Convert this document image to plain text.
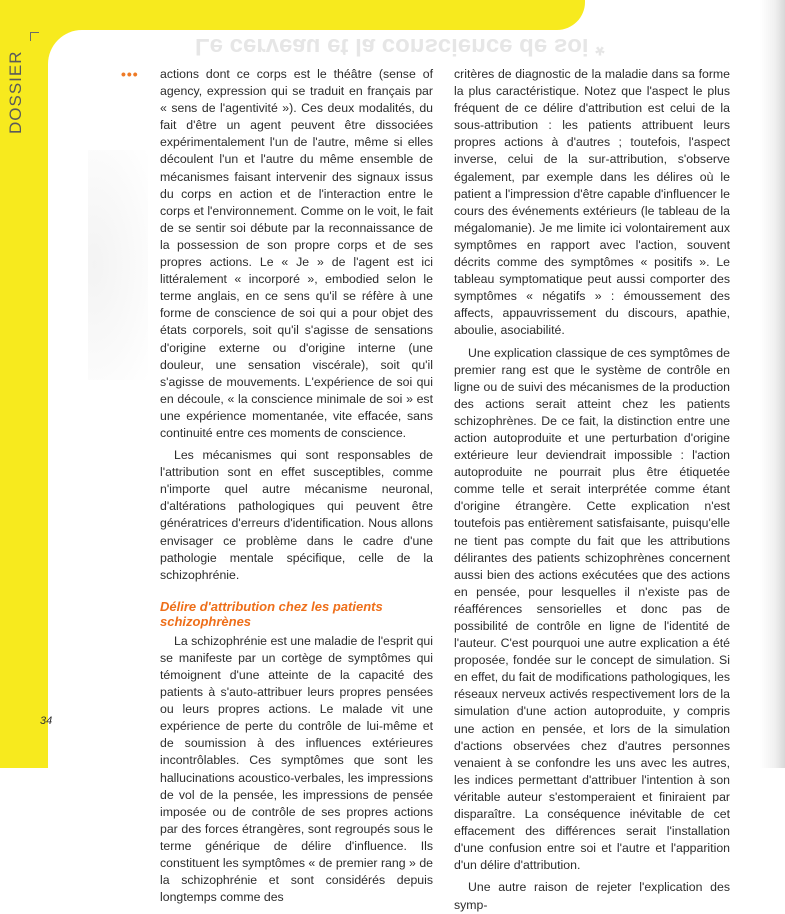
Le cerveau et la conscience de soi *
DOSSIER	••• actions dont ce corps est le théâtre (sense of agency, expression qui se traduit en français par « sens de l'agentivité »). Ces deux modalités, du fait d'être un agent peuvent être dissociées expérimentalement l'un de l'autre, même si elles découlent l'un et l'autre du même ensemble de mécanismes faisant intervenir des signaux issus du corps en action et de l'interaction entre le corps et l'environnement. Comme on le voit, le fait de se sentir soi débute par la reconnaissance de la possession de son propre corps et de ses propres actions. Le « Je » de l'agent est ici littéralement « incorporé », embodied selon le terme anglais, en ce sens qu'il se réfère à une forme de conscience de soi qui a pour objet des états corporels, soit qu'il s'agisse de sensations d'origine externe ou d'origine interne (une douleur, une sensation viscérale), soit qu'il s'agisse de mouvements. L'expérience de soi qui en découle, « la conscience minimale de soi » est une expérience momentanée, vite effacée, sans continuité entre ces moments de conscience.

Les mécanismes qui sont responsables de l'attribution sont en effet susceptibles, comme n'importe quel autre mécanisme neuronal, d'altérations pathologiques qui peuvent être génératrices d'erreurs d'identification. Nous allons envisager ce problème dans le cadre d'une pathologie mentale spécifique, celle de la schizophrénie.

Délire d'attribution chez les patients
schizophrènes

La schizophrénie est une maladie de l'esprit qui se manifeste par un cortège de symptômes qui témoignent d'une atteinte de la capacité des patients à s'auto-attribuer leurs propres pensées ou leurs propres actions. Le malade vit une expérience de perte du contrôle de lui-même et de soumission à des influences extérieures incontrôlables. Ces symptômes que sont les hallucinations acoustico-verbales, les impressions de vol de la pensée, les impressions de pensée imposée ou de contrôle de ses propres actions par des forces étrangères, sont regroupés sous le terme générique de délire d'influence. Ils constituent les symptômes « de premier rang » de la schizophrénie et sont considérés depuis longtemps comme des

critères de diagnostic de la maladie dans sa forme la plus caractéristique. Notez que l'aspect le plus fréquent de ce délire d'attribution est celui de la sous-attribution : les patients attribuent leurs propres actions à d'autres ; toutefois, l'aspect inverse, celui de la sur-attribution, s'observe également, par exemple dans les délires où le patient a l'impression d'être capable d'influencer le cours des événements extérieurs (le tableau de la mégalomanie). Je me limite ici volontairement aux symptômes en rapport avec l'action, souvent décrits comme des symptômes « positifs ». Le tableau symptomatique peut aussi comporter des symptômes « négatifs » : émoussement des affects, appauvrissement du discours, apathie, aboulie, asociabilité.

Une explication classique de ces symptômes de premier rang est que le système de contrôle en ligne ou de suivi des mécanismes de la production des actions serait atteint chez les patients schizophrènes. De ce fait, la distinction entre une action autoproduite et une perturbation d'origine extérieure leur deviendrait impossible : l'action autoproduite ne pourrait plus être étiquetée comme telle et serait interprétée comme étant d'origine étrangère. Cette explication n'est toutefois pas entièrement satisfaisante, puisqu'elle ne tient pas compte du fait que les attributions délirantes des patients schizophrènes concernent aussi bien des actions exécutées que des actions en pensée, pour lesquelles il n'existe pas de réafférences sensorielles et donc pas de possibilité de contrôle en ligne de l'identité de l'auteur. C'est pourquoi une autre explication a été proposée, fondée sur le concept de simulation. Si en effet, du fait de modifications pathologiques, les réseaux nerveux activés respectivement lors de la simulation d'une action autoproduite, y compris une action en pensée, et lors de la simulation d'actions observées chez d'autres personnes venaient à se confondre les uns avec les autres, les indices permettant d'attribuer l'intention à son véritable auteur s'estomperaient et finiraient par disparaître. La conséquence inévitable de cet effacement des différences serait l'installation d'une confusion entre soi et l'autre et l'apparition d'un délire d'attribution.

Une autre raison de rejeter l'explication des symp-

34
